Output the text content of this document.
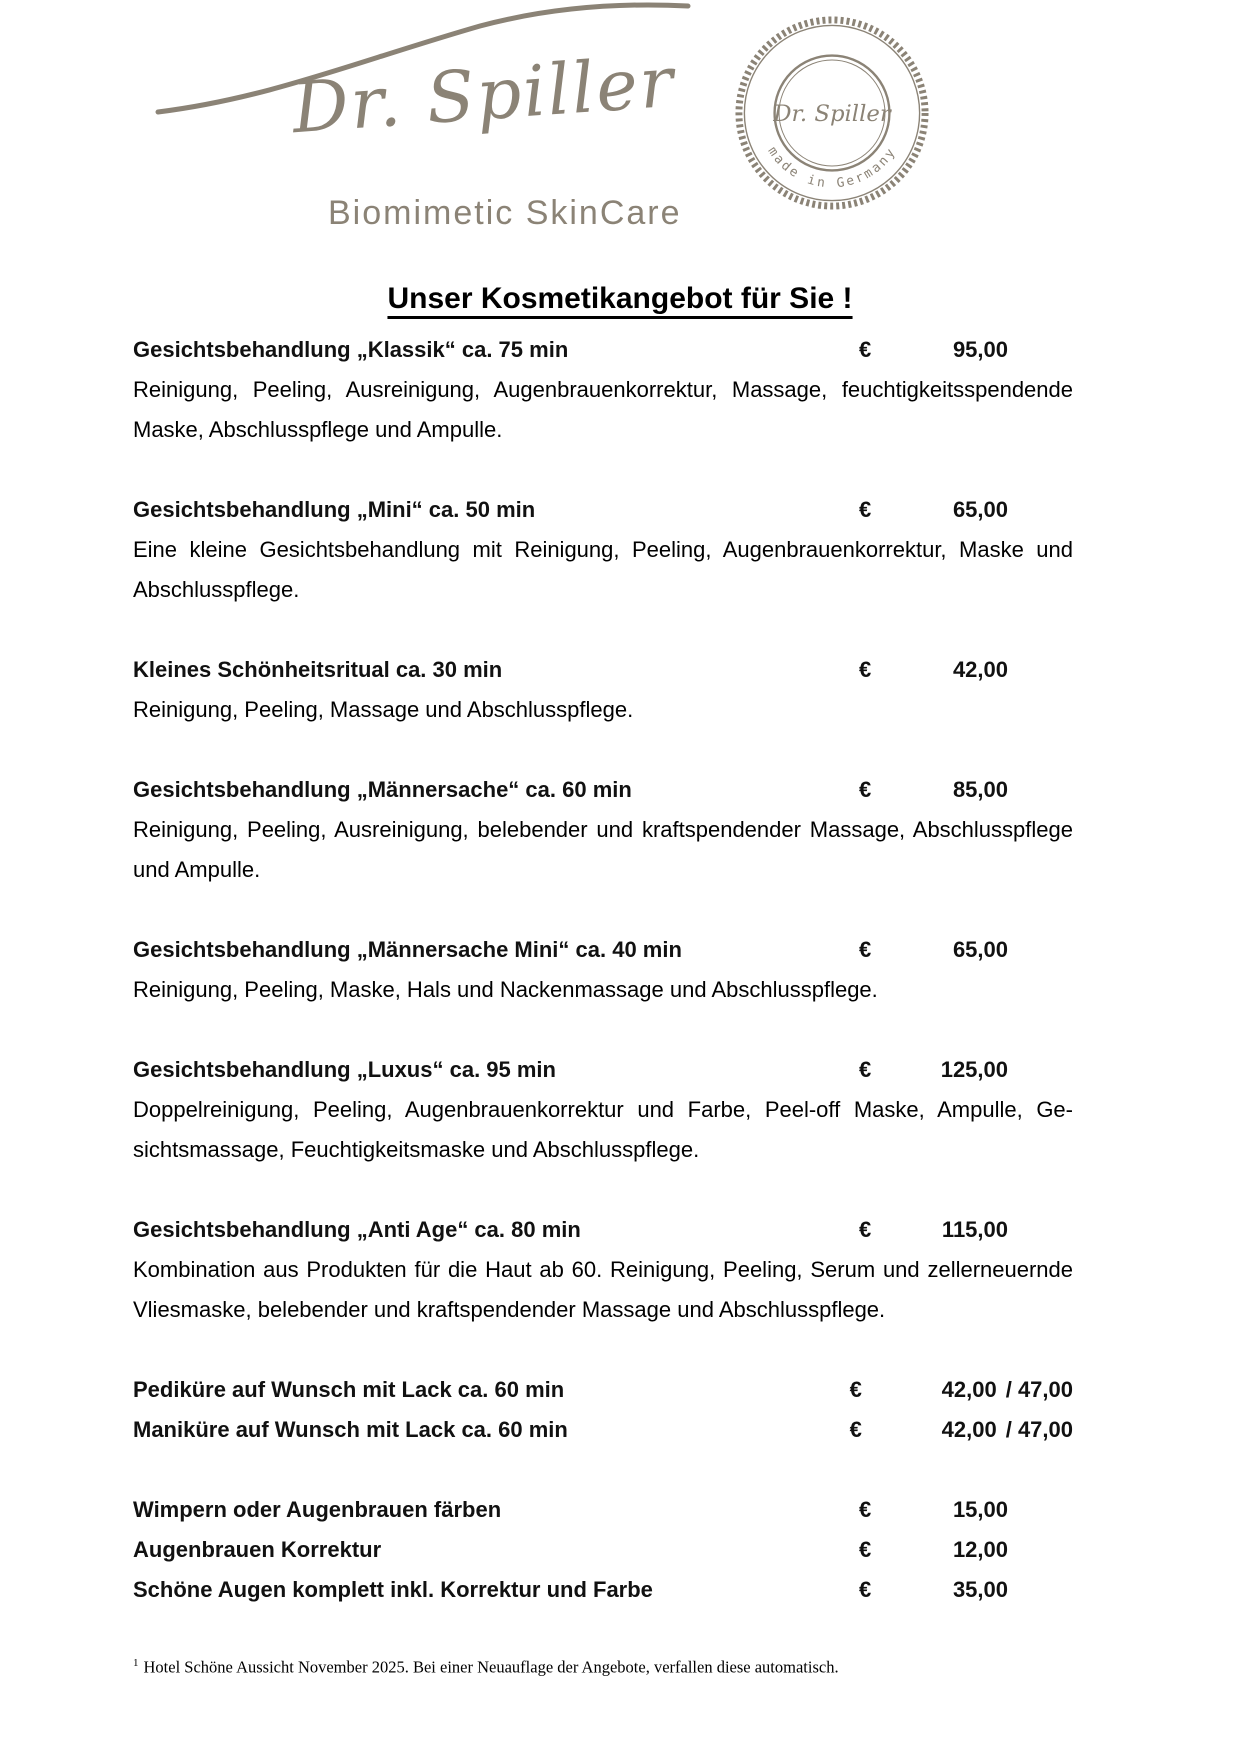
Dr. Spiller
Biomimetic SkinCare
made in Germany
Dr. Spiller
Unser Kosmetikangebot für Sie !
Gesichtsbehandlung „Klassik“ ca. 75 min	€	95,00

Reinigung, Peeling, Ausreinigung, Augenbrauenkorrektur, Massage, feuchtigkeitsspendende Maske, Abschlusspflege und Ampulle.

Gesichtsbehandlung „Mini“ ca. 50 min	€	65,00

Eine kleine Gesichtsbehandlung mit Reinigung, Peeling, Augenbrauenkorrektur, Maske und Abschlusspflege.

Kleines Schönheitsritual ca. 30 min	€	42,00

Reinigung, Peeling, Massage und Abschlusspflege.

Gesichtsbehandlung „Männersache“ ca. 60 min	€	85,00

Reinigung, Peeling, Ausreinigung, belebender und kraftspendender Massage, Abschlusspflege und Ampulle.

Gesichtsbehandlung „Männersache Mini“ ca. 40 min	€	65,00

Reinigung, Peeling, Maske, Hals und Nackenmassage und Abschlusspflege.

Gesichtsbehandlung „Luxus“ ca. 95 min	€	125,00

Doppelreinigung, Peeling, Augenbrauenkorrektur und Farbe, Peel-off Maske, Ampulle, Gesichtsmassage, Feuchtigkeitsmaske und Abschlusspflege.

Gesichtsbehandlung „Anti Age“ ca. 80 min	€	115,00

Kombination aus Produkten für die Haut ab 60. Reinigung, Peeling, Serum und zellerneuernde Vliesmaske, belebender und kraftspendender Massage und Abschlusspflege.

Pediküre auf Wunsch mit Lack ca. 60 min	€	42,00 / 47,00
Maniküre auf Wunsch mit Lack ca. 60 min	€	42,00 / 47,00
Wimpern oder Augenbrauen färben	€	15,00
Augenbrauen Korrektur	€	12,00
Schöne Augen komplett inkl. Korrektur und Farbe	€	35,00
$^1$ Hotel Schöne Aussicht November 2025. Bei einer Neuauflage der Angebote, verfallen diese automatisch.
